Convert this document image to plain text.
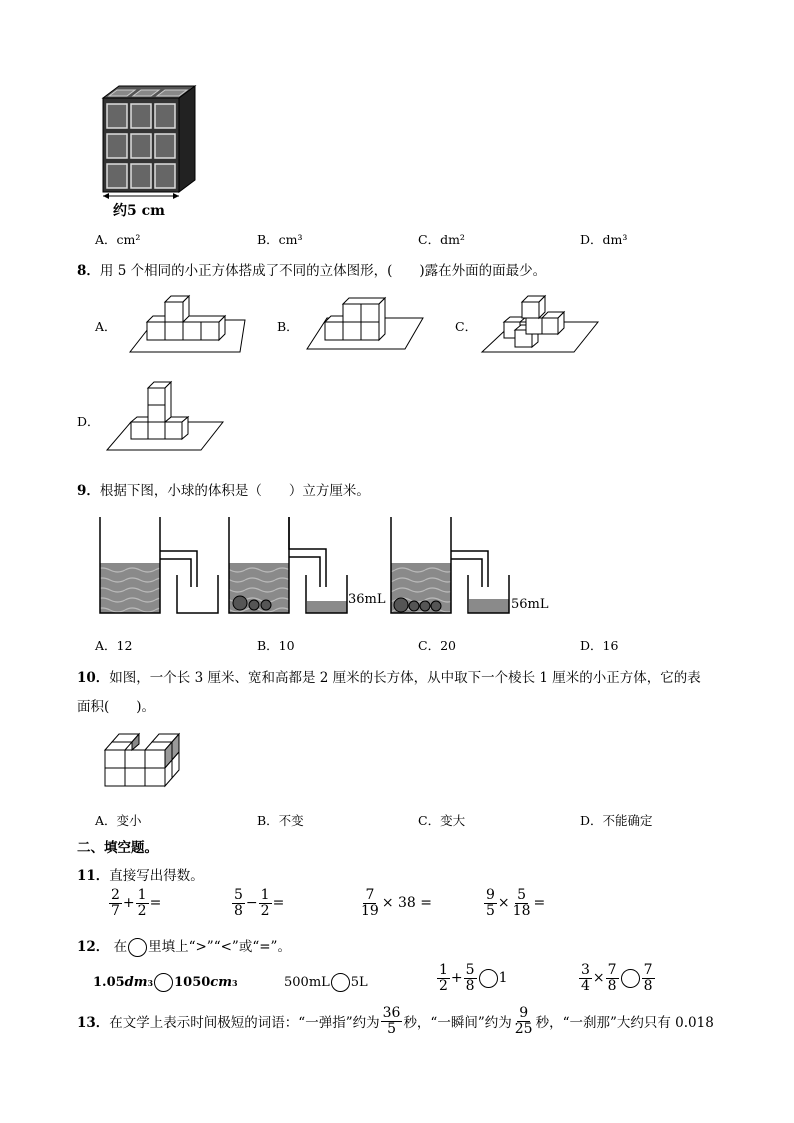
约5 cm
A．cm²	B．cm³	C．dm²	D．dm³
8．用 5 个相同的小正方体搭成了不同的立体图形，(　　)露在外面的面最少。
A．	B．	C．
D．
9．根据下图，小球的体积是（　　）立方厘米。
36mL	56mL
A．12	B．10	C．20	D．16
10．如图，一个长 3 厘米、宽和高都是 2 厘米的长方体，从中取下一个棱长 1 厘米的小正方体，它的表
面积(　　)。
A．变小	B．不变	C．变大	D．不能确定
二、填空题。
11．直接写出得数。
$\frac{2}{7} + \frac{1}{2}$ =	$\frac{5}{8} - \frac{1}{2}$ =	$\frac{7}{19}$ ×
38 =	$\frac{9}{5} \times \frac{5}{18}$ =
12． 在 里填上“>”“<”或“=”。
1.05 dm 3 1050 cm 3	500mL 5L	$\frac{1}{2} + \frac{5}{8} 1$	$\frac{3}{4} \times \frac{7}{8} \frac{7}{8}$
13． 在文学上表示时间极短的词语：“一弹指”约为 $\frac{36}{5}$ 秒，“一瞬间”约为 $\frac{9}{25}$ 秒，“一刹那”大约只有 0.018
